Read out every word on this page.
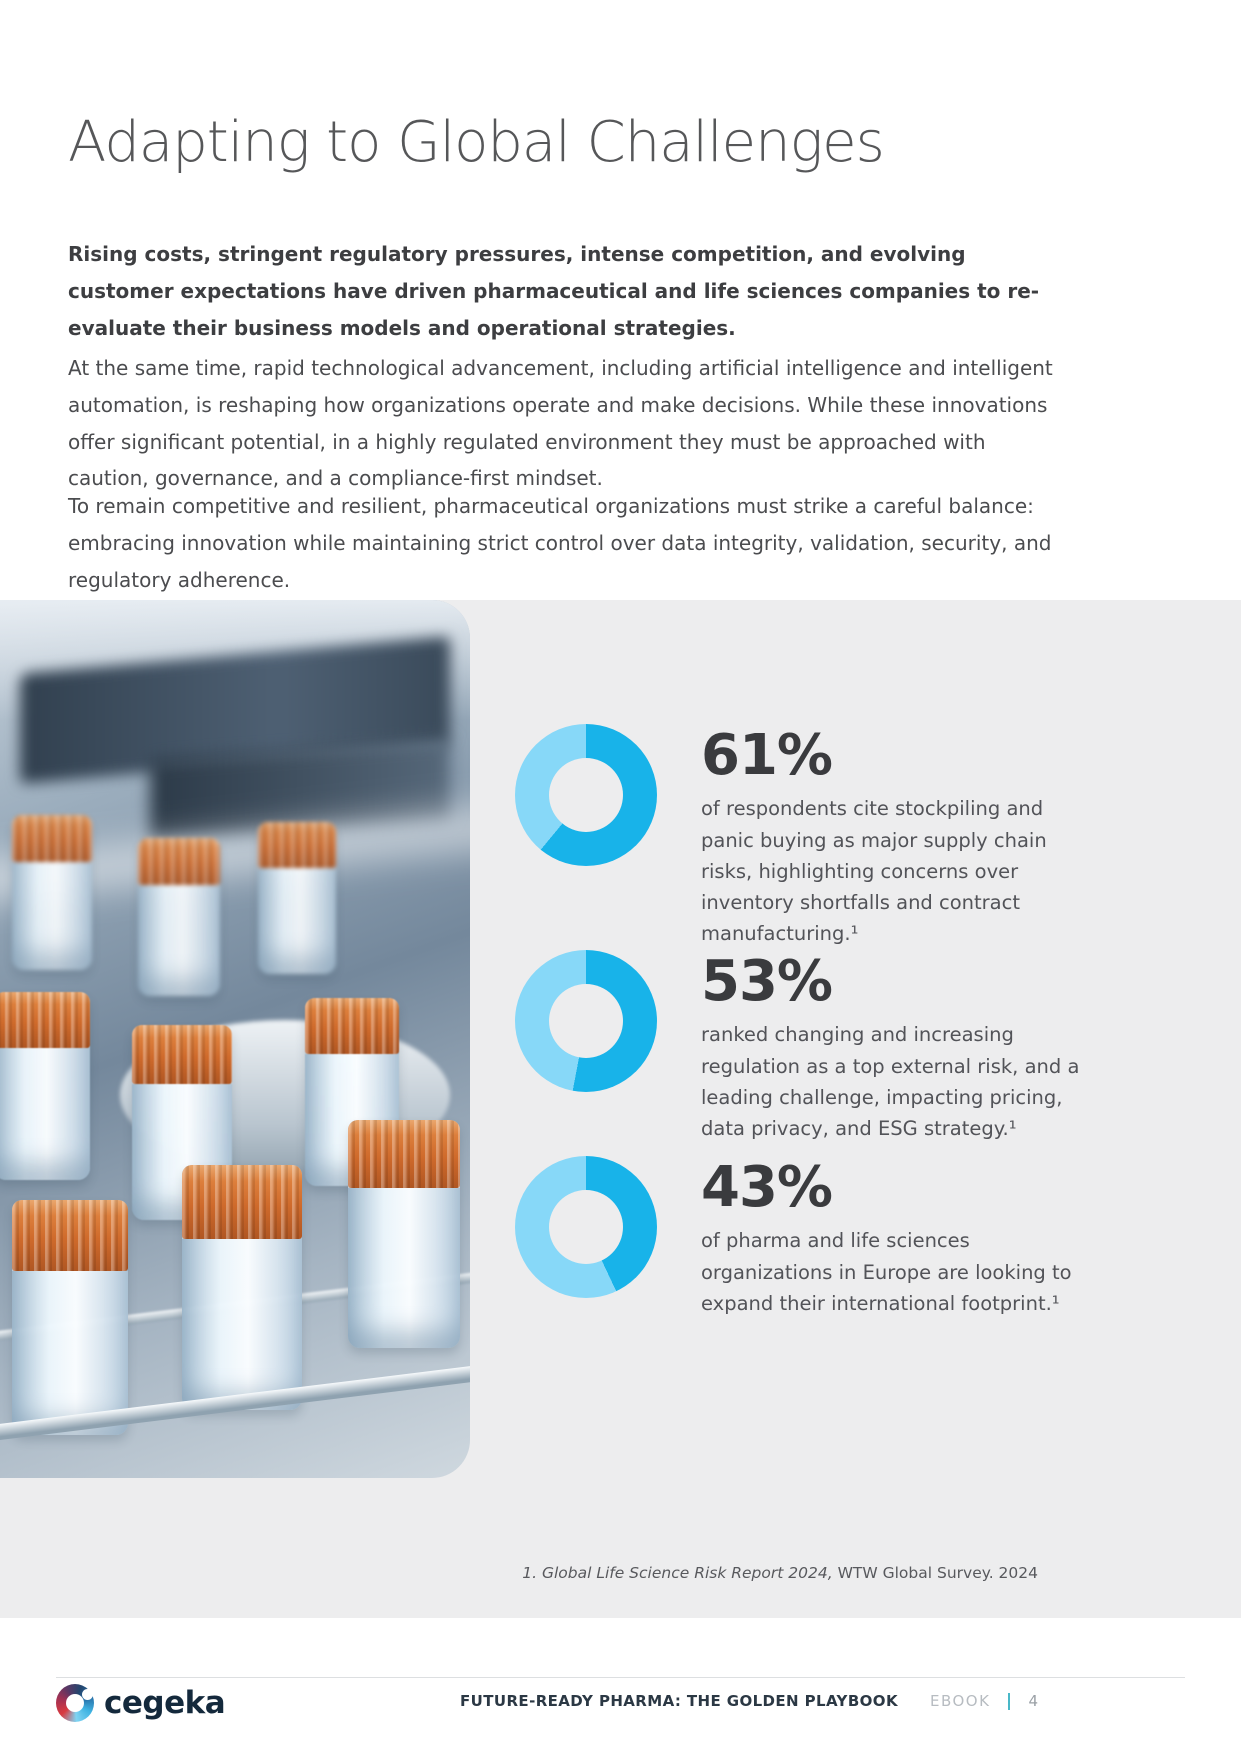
Adapting to Global Challenges

Rising costs, stringent regulatory pressures, intense competition, and evolving customer expectations have driven pharmaceutical and life sciences companies to re-evaluate their business models and operational strategies.

At the same time, rapid technological advancement, including artificial intelligence and intelligent automation, is reshaping how organizations operate and make decisions. While these innovations offer significant potential, in a highly regulated environment they must be approached with caution, governance, and a compliance-first mindset.

To remain competitive and resilient, pharmaceutical organizations must strike a careful balance: embracing innovation while maintaining strict control over data integrity, validation, security, and regulatory adherence.

61%
of respondents cite stockpiling and panic buying as major supply chain risks, highlighting concerns over inventory shortfalls and contract manufacturing.¹
53%
ranked changing and increasing regulation as a top external risk, and a leading challenge, impacting pricing, data privacy, and ESG strategy.¹
43%
of pharma and life sciences organizations in Europe are looking to expand their international footprint.¹
1. Global Life Science Risk Report 2024, WTW Global Survey. 2024
cegeka	FUTURE-READY PHARMA: THE GOLDEN PLAYBOOK EBOOK	4
